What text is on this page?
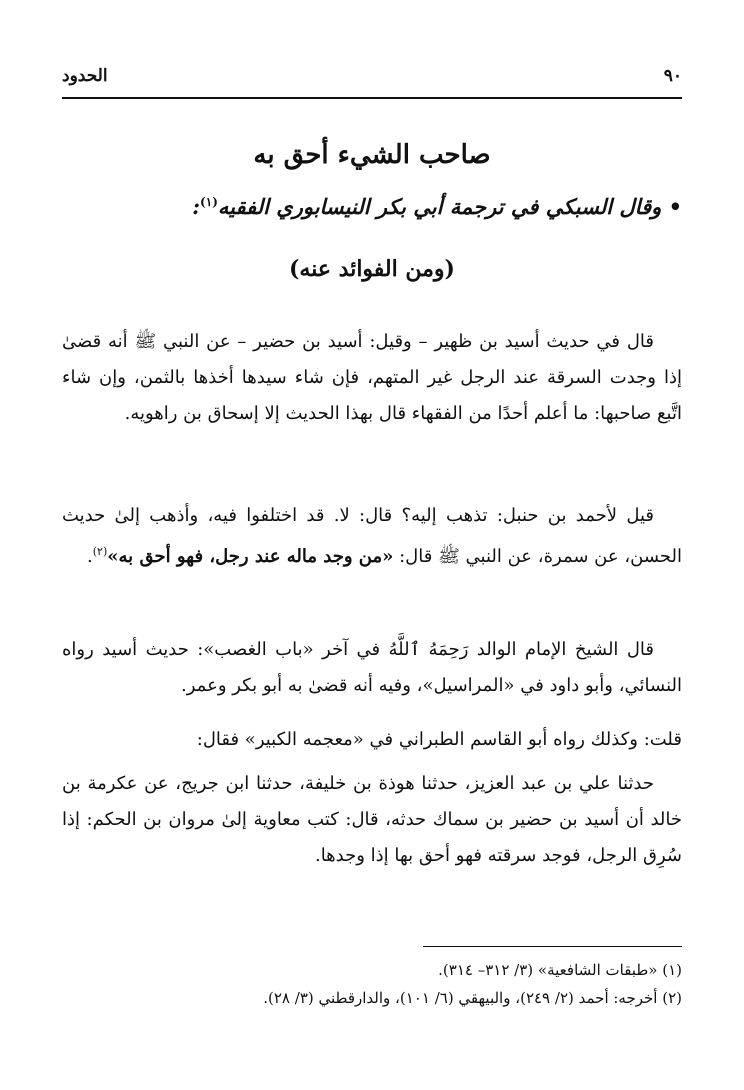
٩٠
الحدود
صاحب الشيء أحق به
• وقال السبكي في ترجمة أبي بكر النيسابوري الفقيه$^{(١)}$:
(ومن الفوائد عنه)

قال في حديث أسيد بن ظهير – وقيل: أسيد بن حضير – عن النبي ﷺ أنه قضىٰ إذا وجدت السرقة عند الرجل غير المتهم، فإن شاء سيدها أخذها بالثمن، وإن شاء اتَّبع صاحبها: ما أعلم أحدًا من الفقهاء قال بهذا الحديث إلا إسحاق بن راهويه.

قيل لأحمد بن حنبل: تذهب إليه؟ قال: لا. قد اختلفوا فيه، وأذهب إلىٰ حديث الحسن، عن سمرة، عن النبي ﷺ قال: «من وجد ماله عند رجل، فهو أحق به»$^{(٢)}$.

قال الشيخ الإمام الوالد رَحِمَهُ ٱللَّهُ في آخر «باب الغصب»: حديث أسيد رواه النسائي، وأبو داود في «المراسيل»، وفيه أنه قضىٰ به أبو بكر وعمر.

قلت: وكذلك رواه أبو القاسم الطبراني في «معجمه الكبير» فقال:

حدثنا علي بن عبد العزيز، حدثنا هوذة بن خليفة، حدثنا ابن جريج، عن عكرمة بن خالد أن أسيد بن حضير بن سماك حدثه، قال: كتب معاوية إلىٰ مروان بن الحكم: إذا سُرِق الرجل، فوجد سرقته فهو أحق بها إذا وجدها.

(١) «طبقات الشافعية» (٣/ ٣١٢– ٣١٤).
(٢) أخرجه: أحمد (٢/ ٢٤٩)، والبيهقي (٦/ ١٠١)، والدارقطني (٣/ ٢٨).
